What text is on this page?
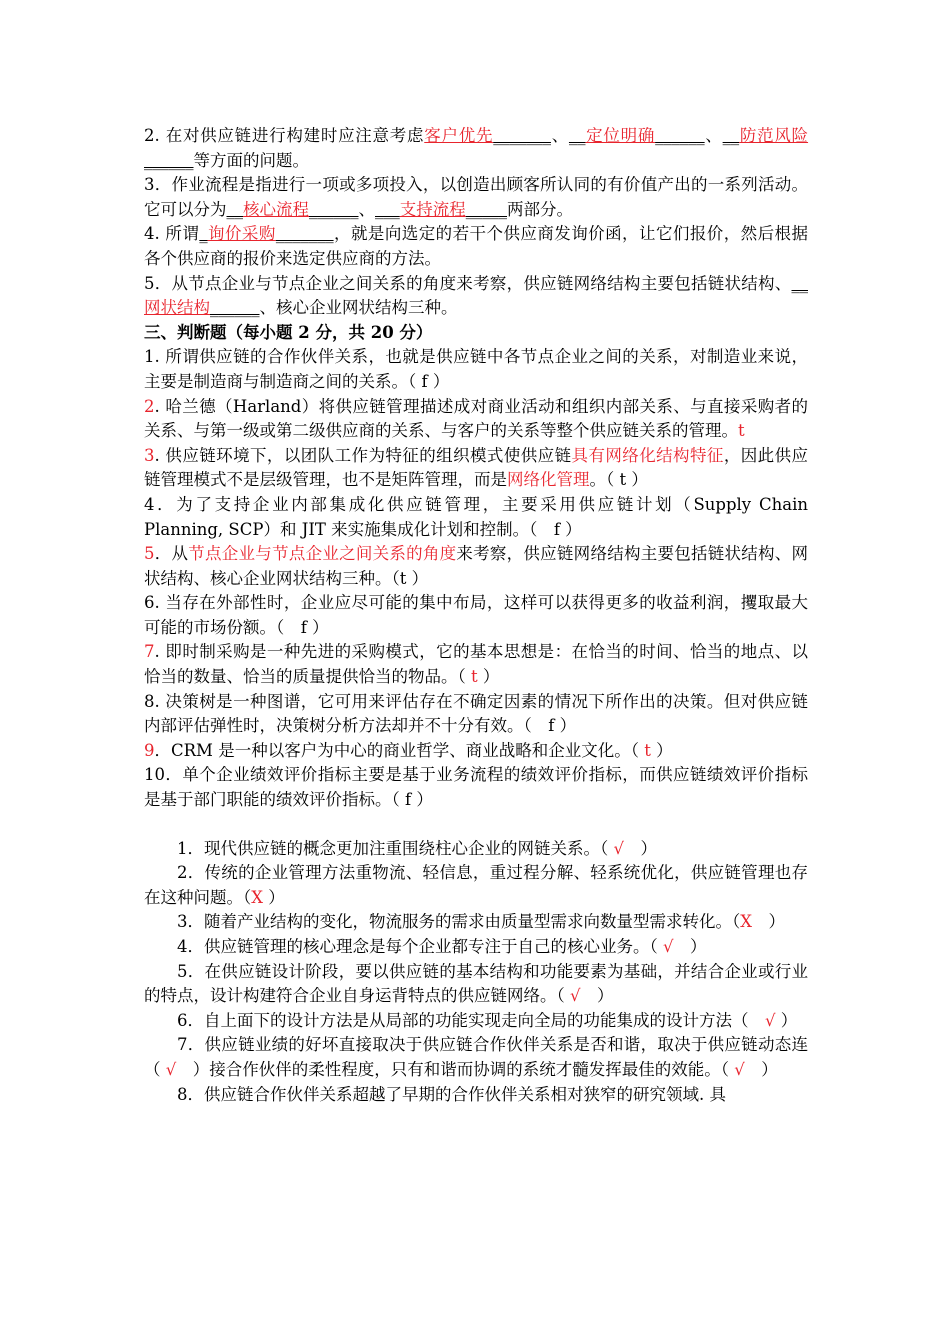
2. 在对供应链进行构建时应注意考虑客户优先_______、__定位明确______、__防范风险______等方面的问题。

3．作业流程是指进行一项或多项投入，以创造出顾客所认同的有价值产出的一系列活动。它可以分为__核心流程______、___支持流程_____两部分。

4. 所谓_询价采购_______，就是向选定的若干个供应商发询价函，让它们报价，然后根据各个供应商的报价来选定供应商的方法。

5．从节点企业与节点企业之间关系的角度来考察，供应链网络结构主要包括链状结构、__网状结构______、核心企业网状结构三种。

三、判断题（每小题 2 分，共 20 分）

1. 所谓供应链的合作伙伴关系，也就是供应链中各节点企业之间的关系，对制造业来说，主要是制造商与制造商之间的关系。（ f ）

2. 哈兰德（Harland）将供应链管理描述成对商业活动和组织内部关系、与直接采购者的关系、与第一级或第二级供应商的关系、与客户的关系等整个供应链关系的管理。t

3. 供应链环境下，以团队工作为特征的组织模式使供应链具有网络化结构特征，因此供应链管理模式不是层级管理，也不是矩阵管理，而是网络化管理。（ t ）

4．为了支持企业内部集成化供应链管理，主要采用供应链计划（Supply Chain Planning, SCP）和 JIT 来实施集成化计划和控制。（　f ）

5．从节点企业与节点企业之间关系的角度来考察，供应链网络结构主要包括链状结构、网状结构、核心企业网状结构三种。（t ）

6. 当存在外部性时，企业应尽可能的集中布局，这样可以获得更多的收益利润，攫取最大可能的市场份额。（　f ）

7. 即时制采购是一种先进的采购模式，它的基本思想是：在恰当的时间、恰当的地点、以恰当的数量、恰当的质量提供恰当的物品。（ t ）

8. 决策树是一种图谱，它可用来评估存在不确定因素的情况下所作出的决策。但对供应链内部评估弹性时，决策树分析方法却并不十分有效。（　f ）

9．CRM 是一种以客户为中心的商业哲学、商业战略和企业文化。（ t ）

10．单个企业绩效评价指标主要是基于业务流程的绩效评价指标，而供应链绩效评价指标是基于部门职能的绩效评价指标。（ f ）

1．现代供应链的概念更加注重围绕柱心企业的网链关系。（ √　）

2．传统的企业管理方法重物流、轻信息，重过程分解、轻系统优化，供应链管理也存在这种问题。（X ）

3．随着产业结构的变化，物流服务的需求由质量型需求向数量型需求转化。（X　）

4．供应链管理的核心理念是每个企业都专注于自己的核心业务。（ √　）

5．在供应链设计阶段，要以供应链的基本结构和功能要素为基础，并结合企业或行业的特点，设计构建符合企业自身运背特点的供应链网络。（ √　）

6．自上面下的设计方法是从局部的功能实现走向全局的功能集成的设计方法（　√ ）

7．供应链业绩的好坏直接取决于供应链合作伙伴关系是否和谐，取决于供应链动态连（ √　）接合作伙伴的柔性程度，只有和谐而协调的系统才髓发挥最佳的效能。（ √　）

8．供应链合作伙伴关系超越了早期的合作伙伴关系相对狭窄的研究领域. 具
